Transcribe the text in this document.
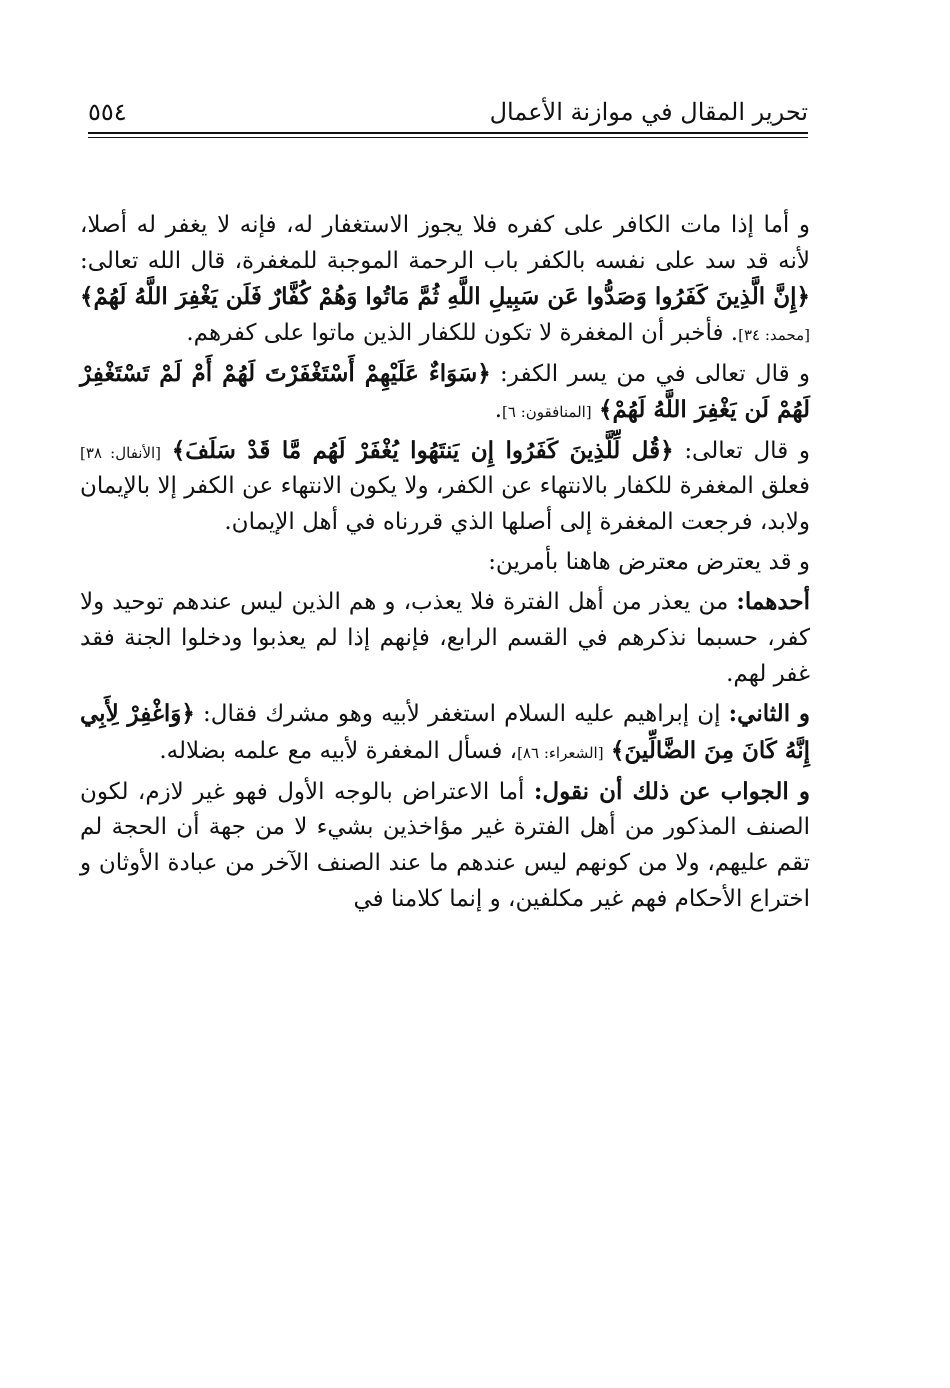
تحرير المقال في موازنة الأعمال
٥٥٤

و أما إذا مات الكافر على كفره فلا يجوز الاستغفار له، فإنه لا يغفر له أصلا، لأنه قد سد على نفسه بالكفر باب الرحمة الموجبة للمغفرة، قال الله تعالى: ﴿إِنَّ الَّذِينَ كَفَرُوا وَصَدُّوا عَن سَبِيلِ اللَّهِ ثُمَّ مَاتُوا وَهُمْ كُفَّارٌ فَلَن يَغْفِرَ اللَّهُ لَهُمْ﴾ [محمد: ٣٤]. فأخبر أن المغفرة لا تكون للكفار الذين ماتوا على كفرهم.

و قال تعالى في من يسر الكفر: ﴿سَوَاءٌ عَلَيْهِمْ أَسْتَغْفَرْتَ لَهُمْ أَمْ لَمْ تَسْتَغْفِرْ لَهُمْ لَن يَغْفِرَ اللَّهُ لَهُمْ﴾ [المنافقون: ٦].

و قال تعالى: ﴿قُل لِّلَّذِينَ كَفَرُوا إِن يَنتَهُوا يُغْفَرْ لَهُم مَّا قَدْ سَلَفَ﴾ [الأنفال: ٣٨] فعلق المغفرة للكفار بالانتهاء عن الكفر، ولا يكون الانتهاء عن الكفر إلا بالإيمان ولابد، فرجعت المغفرة إلى أصلها الذي قررناه في أهل الإيمان.

و قد يعترض معترض هاهنا بأمرين:

أحدهما: من يعذر من أهل الفترة فلا يعذب، و هم الذين ليس عندهم توحيد ولا كفر، حسبما نذكرهم في القسم الرابع، فإنهم إذا لم يعذبوا ودخلوا الجنة فقد غفر لهم.

و الثاني: إن إبراهيم عليه السلام استغفر لأبيه وهو مشرك فقال: ﴿وَاغْفِرْ لِأَبِي إِنَّهُ كَانَ مِنَ الضَّالِّينَ﴾ [الشعراء: ٨٦]، فسأل المغفرة لأبيه مع علمه بضلاله.

و الجواب عن ذلك أن نقول: أما الاعتراض بالوجه الأول فهو غير لازم، لكون الصنف المذكور من أهل الفترة غير مؤاخذين بشيء لا من جهة أن الحجة لم تقم عليهم، ولا من كونهم ليس عندهم ما عند الصنف الآخر من عبادة الأوثان و اختراع الأحكام فهم غير مكلفين، و إنما كلامنا في
